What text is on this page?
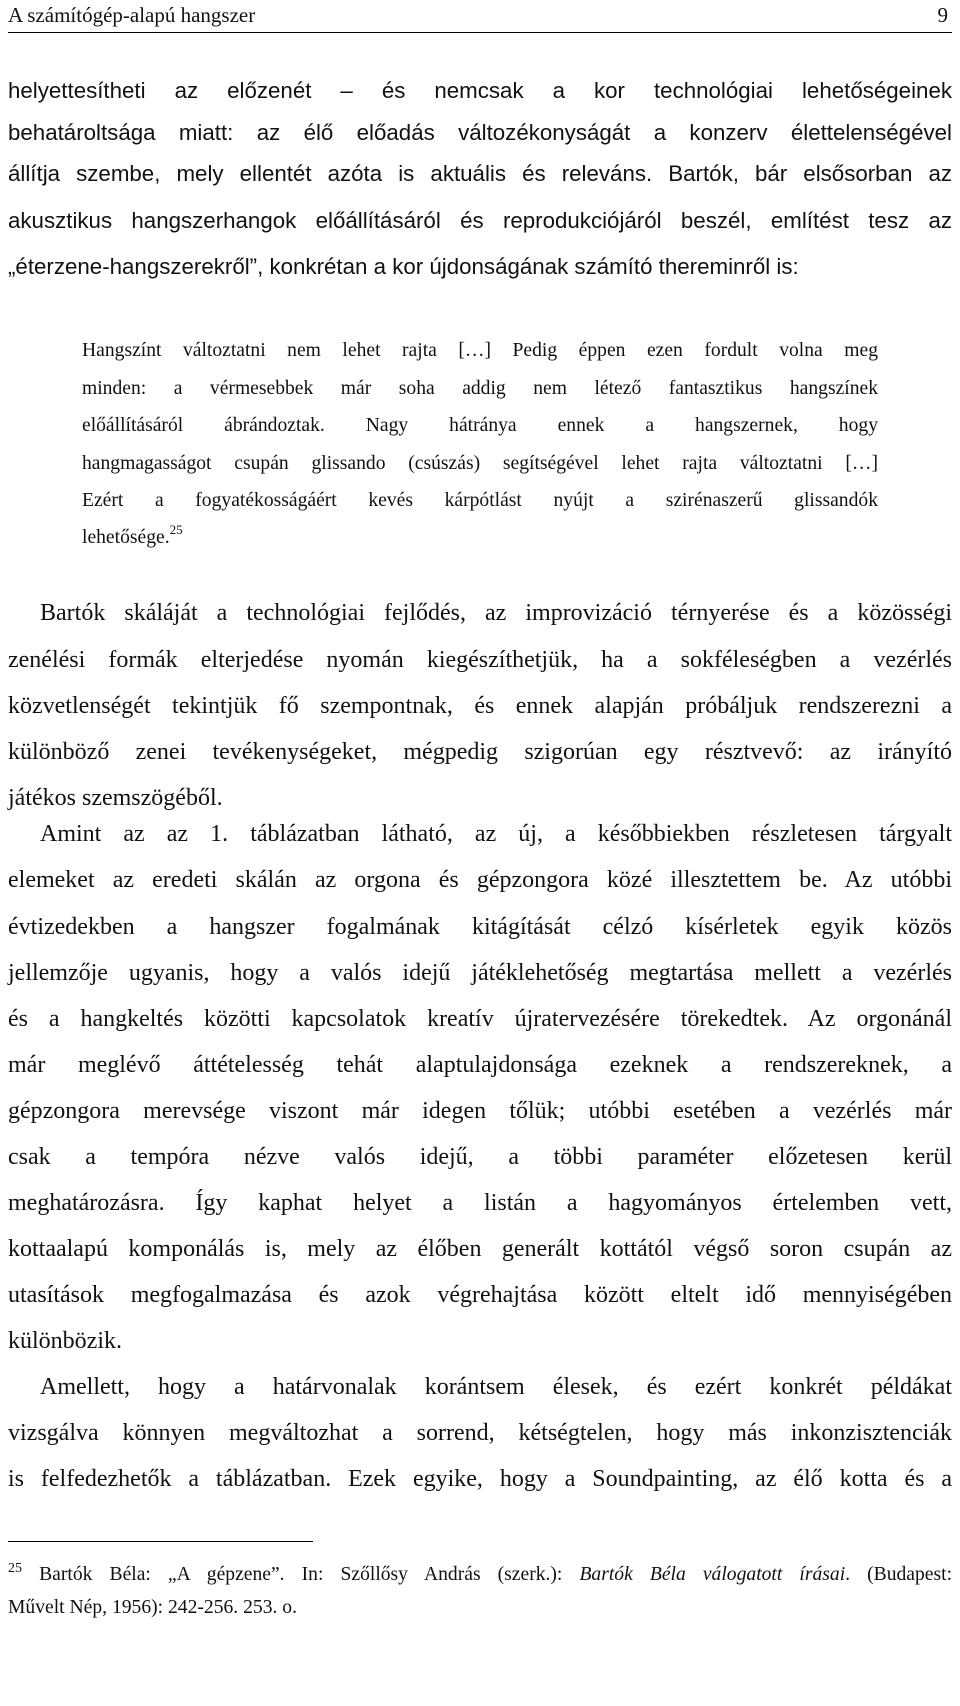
A számítógép-alapú hangszer	9
helyettesítheti az előzenét – és nemcsak a kor technológiai lehetőségeinek
behatároltsága miatt: az élő előadás változékonyságát a konzerv élettelenségével
állítja szembe, mely ellentét azóta is aktuális és releváns. Bartók, bár elsősorban az
akusztikus hangszerhangok előállításáról és reprodukciójáról beszél, említést tesz az
„éterzene-hangszerekről”, konkrétan a kor újdonságának számító thereminről is:
Hangszínt változtatni nem lehet rajta […] Pedig éppen ezen fordult volna meg
minden: a vérmesebbek már soha addig nem létező fantasztikus hangszínek
előállításáról ábrándoztak. Nagy hátránya ennek a hangszernek, hogy
hangmagasságot csupán glissando (csúszás) segítségével lehet rajta változtatni […]
Ezért a fogyatékosságáért kevés kárpótlást nyújt a szirénaszerű glissandók
lehetősége.$^{25}$
Bartók skáláját a technológiai fejlődés, az improvizáció térnyerése és a közösségi
zenélési formák elterjedése nyomán kiegészíthetjük, ha a sokféleségben a vezérlés
közvetlenségét tekintjük fő szempontnak, és ennek alapján próbáljuk rendszerezni a
különböző zenei tevékenységeket, mégpedig szigorúan egy résztvevő: az irányító
játékos szemszögéből.
Amint az az 1. táblázatban látható, az új, a későbbiekben részletesen tárgyalt
elemeket az eredeti skálán az orgona és gépzongora közé illesztettem be. Az utóbbi
évtizedekben a hangszer fogalmának kitágítását célzó kísérletek egyik közös
jellemzője ugyanis, hogy a valós idejű játéklehetőség megtartása mellett a vezérlés
és a hangkeltés közötti kapcsolatok kreatív újratervezésére törekedtek. Az orgonánál
már meglévő áttételesség tehát alaptulajdonsága ezeknek a rendszereknek, a
gépzongora merevsége viszont már idegen tőlük; utóbbi esetében a vezérlés már
csak a tempóra nézve valós idejű, a többi paraméter előzetesen kerül
meghatározásra. Így kaphat helyet a listán a hagyományos értelemben vett,
kottaalapú komponálás is, mely az élőben generált kottától végső soron csupán az
utasítások megfogalmazása és azok végrehajtása között eltelt idő mennyiségében
különbözik.
Amellett, hogy a határvonalak korántsem élesek, és ezért konkrét példákat
vizsgálva könnyen megváltozhat a sorrend, kétségtelen, hogy más inkonzisztenciák
is felfedezhetők a táblázatban. Ezek egyike, hogy a Soundpainting, az élő kotta és a
$^{25}$ Bartók Béla: „A gépzene”. In: Szőllősy András (szerk.): Bartók Béla válogatott írásai. (Budapest:
Művelt Nép, 1956): 242-256. 253. o.
